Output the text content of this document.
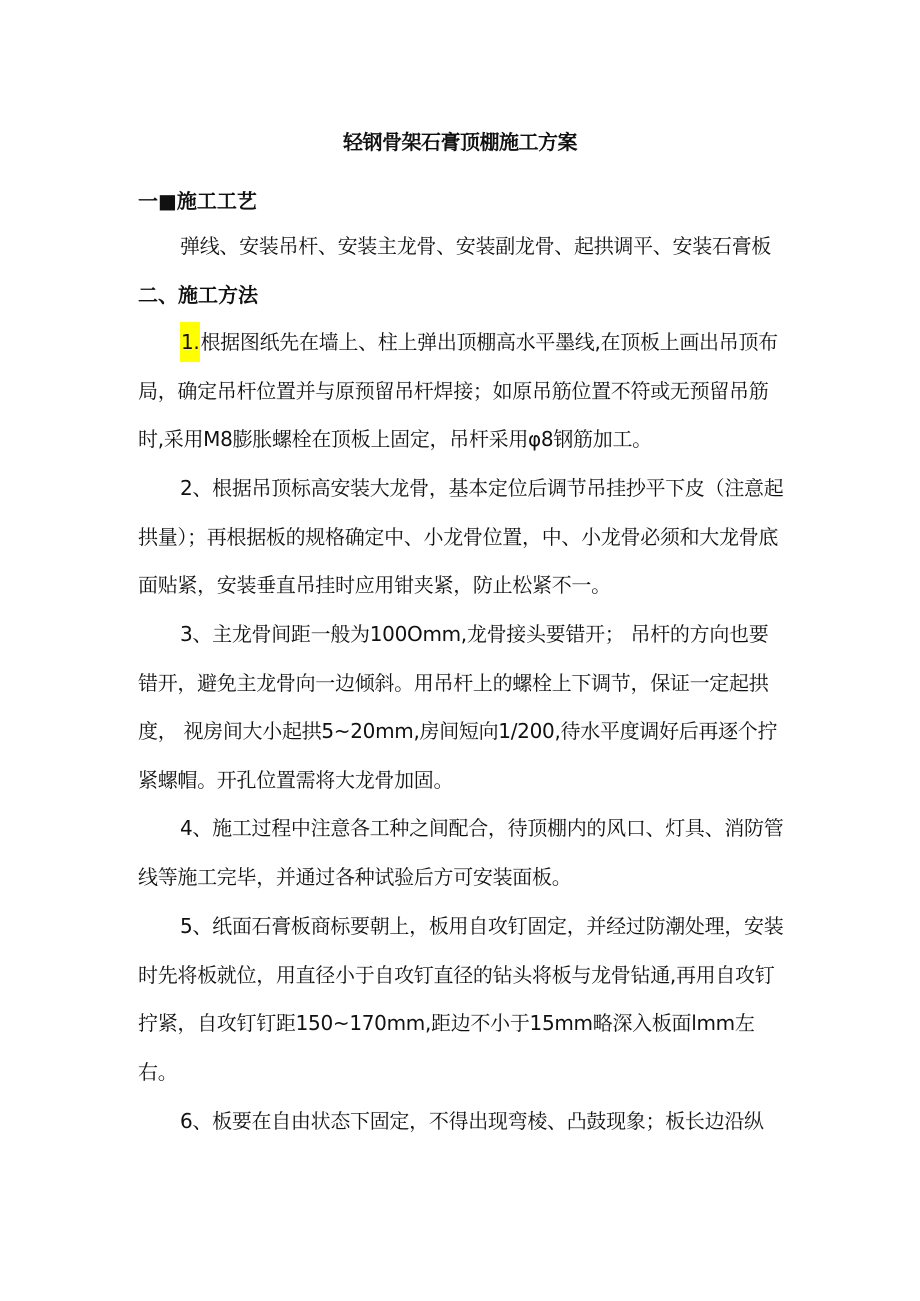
轻钢骨架石膏顶棚施工方案
一■施工工艺

弹线、安装吊杆、安装主龙骨、安装副龙骨、起拱调平、安装石膏板

二、施工方法

1.根据图纸先在墙上、柱上弹出顶棚高水平墨线,在顶板上画出吊顶布局，确定吊杆位置并与原预留吊杆焊接；如原吊筋位置不符或无预留吊筋时,采用M8膨胀螺栓在顶板上固定，吊杆采用φ8钢筋加工。

2、根据吊顶标高安装大龙骨，基本定位后调节吊挂抄平下皮（注意起拱量）；再根据板的规格确定中、小龙骨位置，中、小龙骨必须和大龙骨底面贴紧，安装垂直吊挂时应用钳夹紧，防止松紧不一。

3、主龙骨间距一般为100Omm,龙骨接头要错开； 吊杆的方向也要错开，避免主龙骨向一边倾斜。用吊杆上的螺栓上下调节，保证一定起拱度， 视房间大小起拱5~20mm,房间短向1/200,待水平度调好后再逐个拧紧螺帽。开孔位置需将大龙骨加固。

4、施工过程中注意各工种之间配合，待顶棚内的风口、灯具、消防管线等施工完毕，并通过各种试验后方可安装面板。

5、纸面石膏板商标要朝上，板用自攻钉固定，并经过防潮处理，安装时先将板就位，用直径小于自攻钉直径的钻头将板与龙骨钻通,再用自攻钉拧紧，自攻钉钉距150~170mm,距边不小于15mm略深入板面lmm左右。

6、板要在自由状态下固定，不得出现弯棱、凸鼓现象；板长边沿纵
